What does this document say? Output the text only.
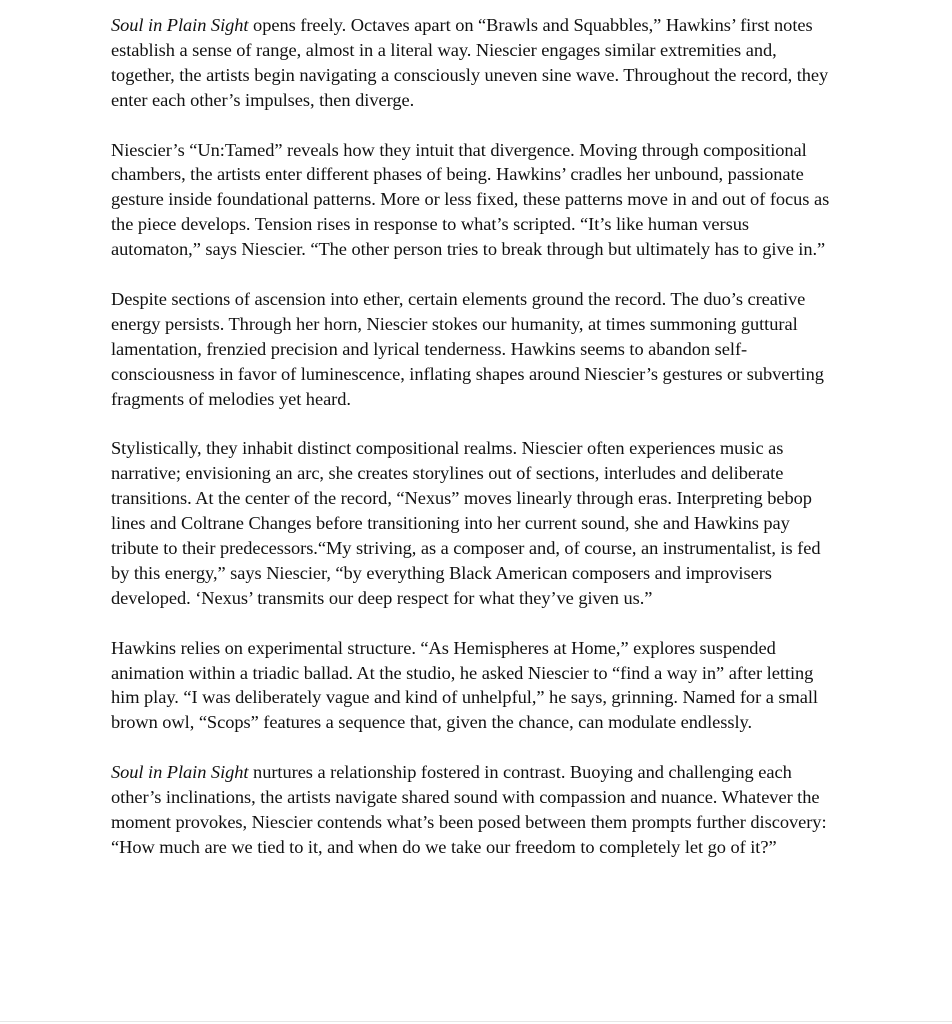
Soul in Plain Sight opens freely. Octaves apart on “Brawls and Squabbles,” Hawkins’ first notes establish a sense of range, almost in a literal way. Niescier engages similar extremities and, together, the artists begin navigating a consciously uneven sine wave. Throughout the record, they enter each other’s impulses, then diverge.

Niescier’s “Un:Tamed” reveals how they intuit that divergence. Moving through compositional chambers, the artists enter different phases of being. Hawkins’ cradles her unbound, passionate gesture inside foundational patterns. More or less fixed, these patterns move in and out of focus as the piece develops. Tension rises in response to what’s scripted. “It’s like human versus automaton,” says Niescier. “The other person tries to break through but ultimately has to give in.”

Despite sections of ascension into ether, certain elements ground the record. The duo’s creative energy persists. Through her horn, Niescier stokes our humanity, at times summoning guttural lamentation, frenzied precision and lyrical tenderness. Hawkins seems to abandon self-consciousness in favor of luminescence, inflating shapes around Niescier’s gestures or subverting fragments of melodies yet heard.

Stylistically, they inhabit distinct compositional realms. Niescier often experiences music as narrative; envisioning an arc, she creates storylines out of sections, interludes and deliberate transitions. At the center of the record, “Nexus” moves linearly through eras. Interpreting bebop lines and Coltrane Changes before transitioning into her current sound, she and Hawkins pay tribute to their predecessors.“My striving, as a composer and, of course, an instrumentalist, is fed by this energy,” says Niescier, “by everything Black American composers and improvisers developed. ‘Nexus’ transmits our deep respect for what they’ve given us.”

Hawkins relies on experimental structure. “As Hemispheres at Home,” explores suspended animation within a triadic ballad. At the studio, he asked Niescier to “find a way in” after letting him play. “I was deliberately vague and kind of unhelpful,” he says, grinning. Named for a small brown owl, “Scops” features a sequence that, given the chance, can modulate endlessly.

Soul in Plain Sight nurtures a relationship fostered in contrast. Buoying and challenging each other’s inclinations, the artists navigate shared sound with compassion and nuance. Whatever the moment provokes, Niescier contends what’s been posed between them prompts further discovery: “How much are we tied to it, and when do we take our freedom to completely let go of it?”
